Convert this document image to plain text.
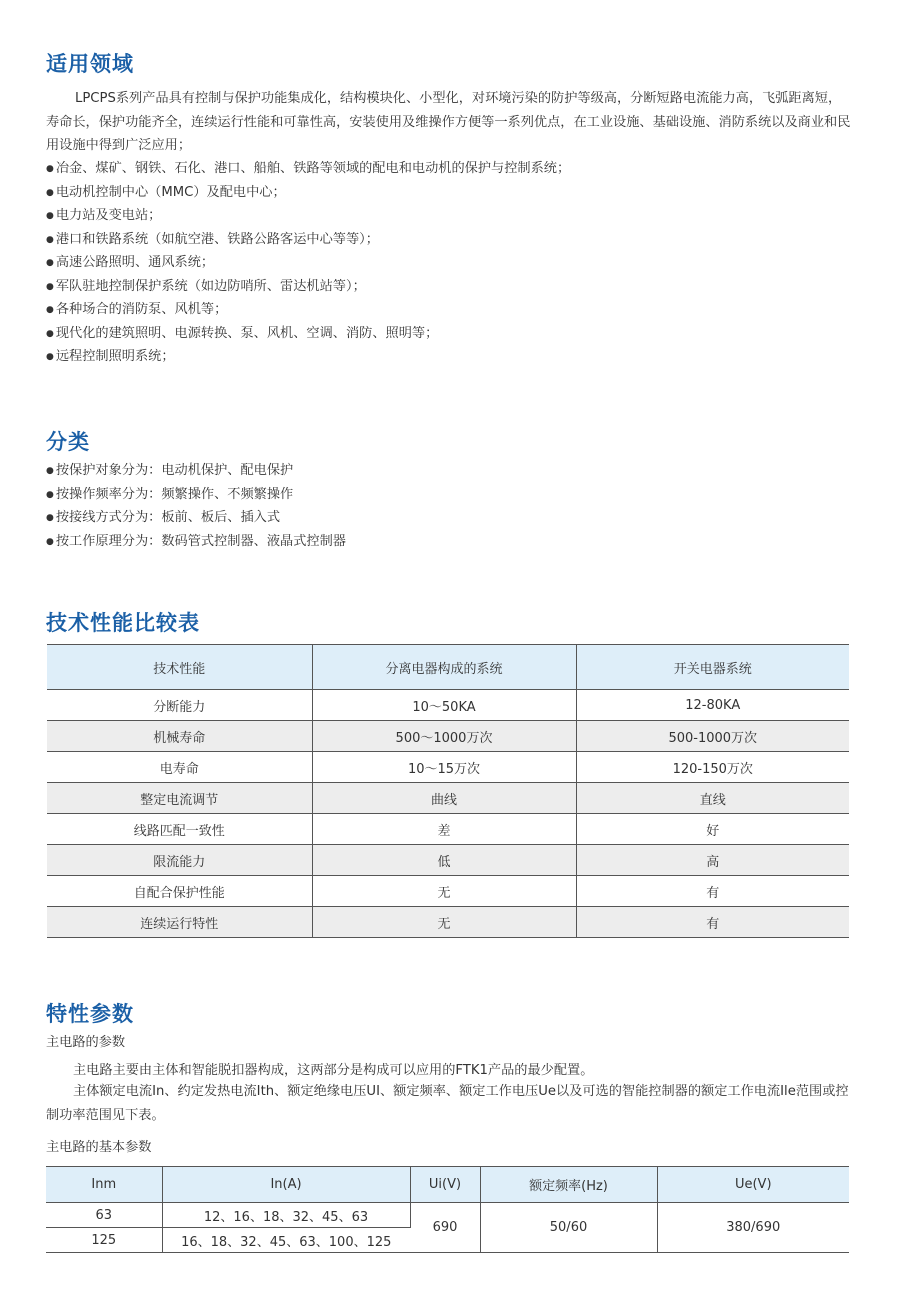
适用领域

LPCPS系列产品具有控制与保护功能集成化，结构模块化、小型化，对环境污染的防护等级高，分断短路电流能力高，飞弧距离短，寿命长，保护功能齐全，连续运行性能和可靠性高，安装使用及维操作方便等一系列优点，在工业设施、基础设施、消防系统以及商业和民用设施中得到广泛应用；

● 冶金、煤矿、钢铁、石化、港口、船舶、铁路等领域的配电和电动机的保护与控制系统；
● 电动机控制中心（MMC）及配电中心；
● 电力站及变电站；
● 港口和铁路系统（如航空港、铁路公路客运中心等等）；
● 高速公路照明、通风系统；
● 军队驻地控制保护系统（如边防哨所、雷达机站等）；
● 各种场合的消防泵、风机等；
● 现代化的建筑照明、电源转换、泵、风机、空调、消防、照明等；
● 远程控制照明系统；
分类
● 按保护对象分为：电动机保护、配电保护
● 按操作频率分为：频繁操作、不频繁操作
● 按接线方式分为：板前、板后、插入式
● 按工作原理分为：数码管式控制器、液晶式控制器
技术性能比较表
技术性能	分离电器构成的系统	开关电器系统
分断能力	10～50KA	12-80KA
机械寿命	500～1000万次	500-1000万次
电寿命	10～15万次	120-150万次
整定电流调节	曲线	直线
线路匹配一致性	差	好
限流能力	低	高
自配合保护性能	无	有
连续运行特性	无	有
特性参数

主电路的参数

主电路主要由主体和智能脱扣器构成，这两部分是构成可以应用的FTK1产品的最少配置。

主体额定电流In、约定发热电流Ith、额定绝缘电压UI、额定频率、额定工作电压Ue以及可选的智能控制器的额定工作电流Ile范围或控制功率范围见下表。

主电路的基本参数

Inm	In(A)	Ui(V)	额定频率(Hz)	Ue(V)
63	12、16、18、32、45、63	690	50/60	380/690
125	16、18、32、45、63、100、125			
